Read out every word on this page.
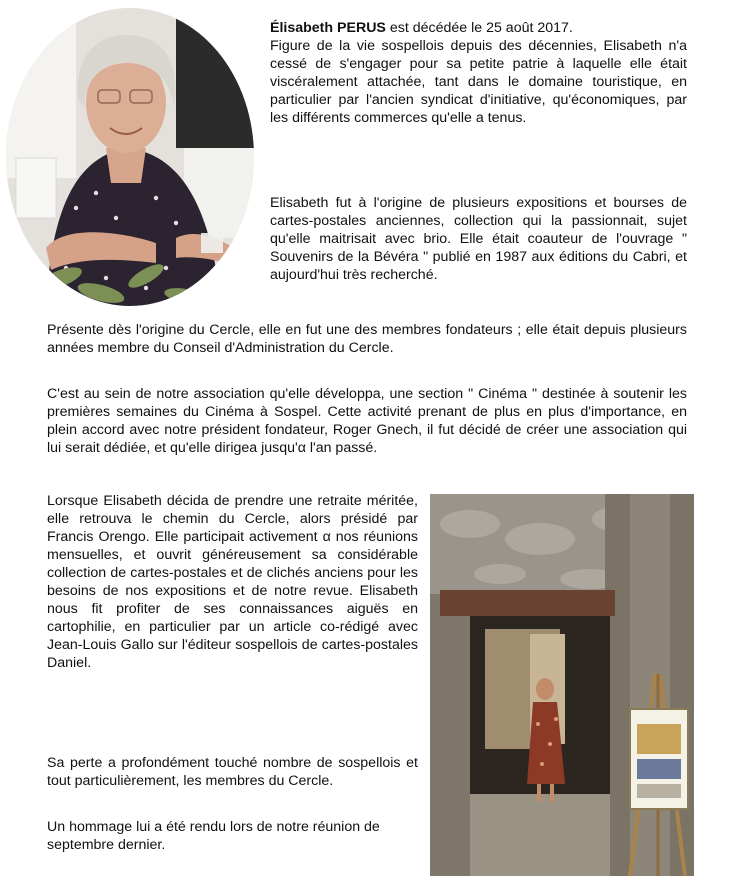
Élisabeth PERUS est décédée le 25 août 2017.

Figure de la vie sospellois depuis des décennies, Elisabeth n'a cessé de s'engager pour sa petite patrie à laquelle elle était viscéralement attachée, tant dans le domaine touristique, en particulier par l'ancien syndicat d'initiative, qu'économiques, par les différents commerces qu'elle a tenus.

Elisabeth fut à l'origine de plusieurs expositions et bourses de cartes-postales anciennes, collection qui la passionnait, sujet qu'elle maitrisait avec brio. Elle était coauteur de l'ouvrage " Souvenirs de la Bévéra " publié en 1987 aux éditions du Cabri, et aujourd'hui très recherché.
Présente dès l'origine du Cercle, elle en fut une des membres fondateurs ; elle était depuis plusieurs années membre du Conseil d'Administration du Cercle.
C'est au sein de notre association qu'elle développa, une section " Cinéma " destinée à soutenir les premières semaines du Cinéma à Sospel. Cette activité prenant de plus en plus d'importance, en plein accord avec notre président fondateur, Roger Gnech, il fut décidé de créer une association qui lui serait dédiée, et qu'elle dirigea jusqu'α l'an passé.
Lorsque Elisabeth décida de prendre une retraite méritée, elle retrouva le chemin du Cercle, alors présidé par Francis Orengo. Elle participait activement α nos réunions mensuelles, et ouvrit généreusement sa considérable collection de cartes-postales et de clichés anciens pour les besoins de nos expositions et de notre revue. Elisabeth nous fit profiter de ses connaissances aiguës en cartophilie, en particulier par un article co-rédigé avec Jean-Louis Gallo sur l'éditeur sospellois de cartes-postales Daniel.
Sa perte a profondément touché nombre de sospellois et tout particulièrement, les membres du Cercle.
Un hommage lui a été rendu lors de notre réunion de septembre dernier.
